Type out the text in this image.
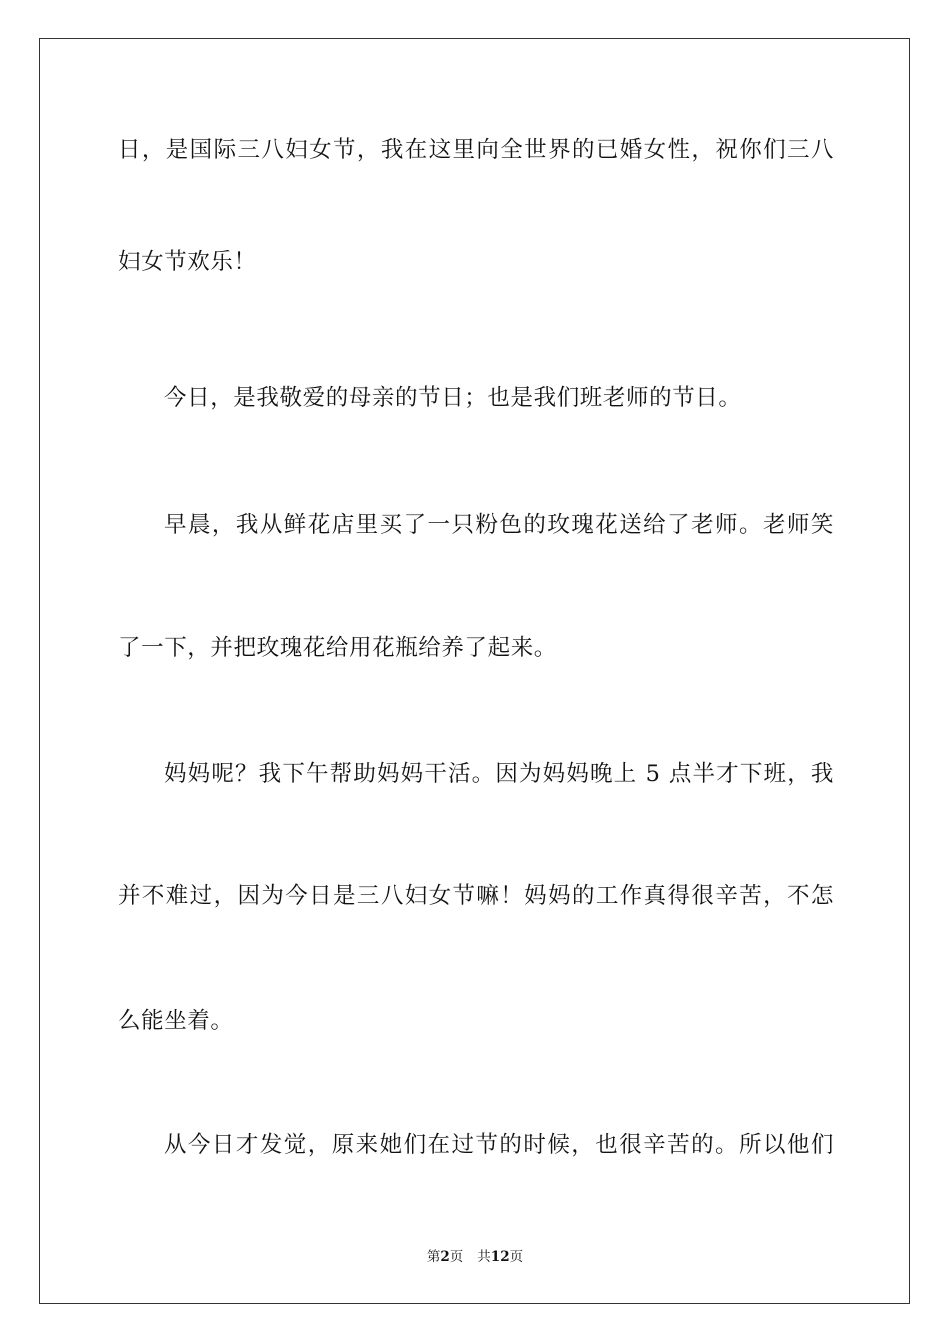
日，是国际三八妇女节，我在这里向全世界的已婚女性，祝你们三八
妇女节欢乐！
今日，是我敬爱的母亲的节日；也是我们班老师的节日。
早晨，我从鲜花店里买了一只粉色的玫瑰花送给了老师。老师笑
了一下，并把玫瑰花给用花瓶给养了起来。
妈妈呢？我下午帮助妈妈干活。因为妈妈晚上 5 点半才下班，我
并不难过，因为今日是三八妇女节嘛！妈妈的工作真得很辛苦，不怎
么能坐着。
从今日才发觉，原来她们在过节的时候，也很辛苦的。所以他们
第2页 共12页
